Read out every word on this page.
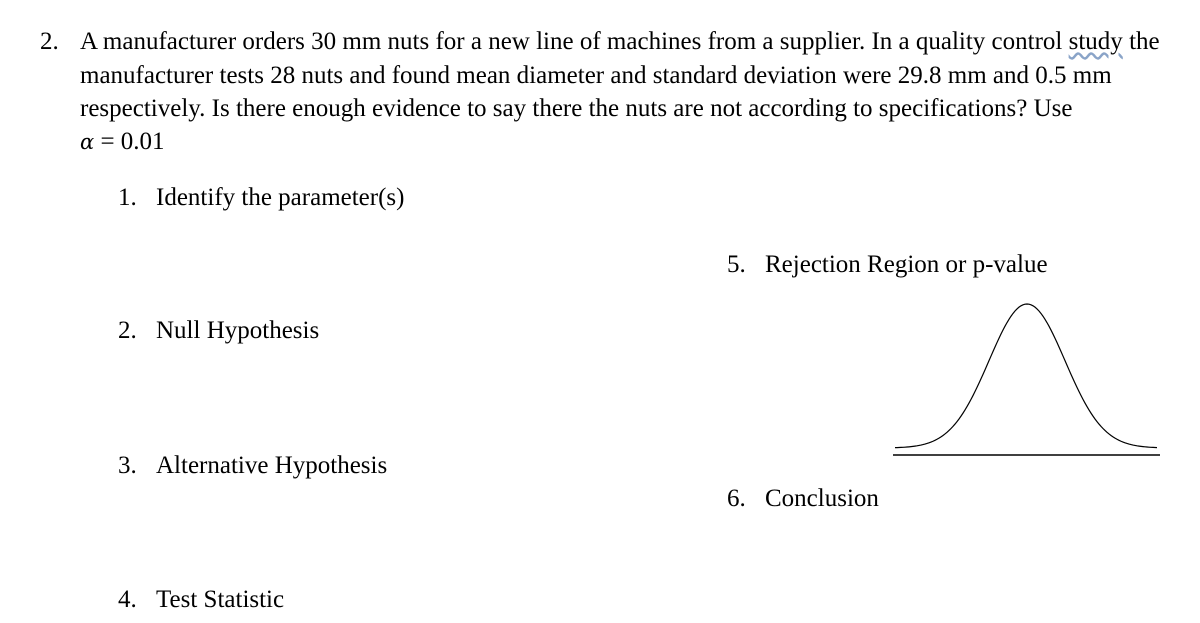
2. A manufacturer orders 30 mm nuts for a new line of machines from a supplier. In a quality control study the
manufacturer tests 28 nuts and found mean diameter and standard deviation were 29.8 mm and 0.5 mm
respectively. Is there enough evidence to say there the nuts are not according to specifications? Use
α = 0.01
1. Identify the parameter(s)
2. Null Hypothesis
3. Alternative Hypothesis
4. Test Statistic
5. Rejection Region or p-value
6. Conclusion
